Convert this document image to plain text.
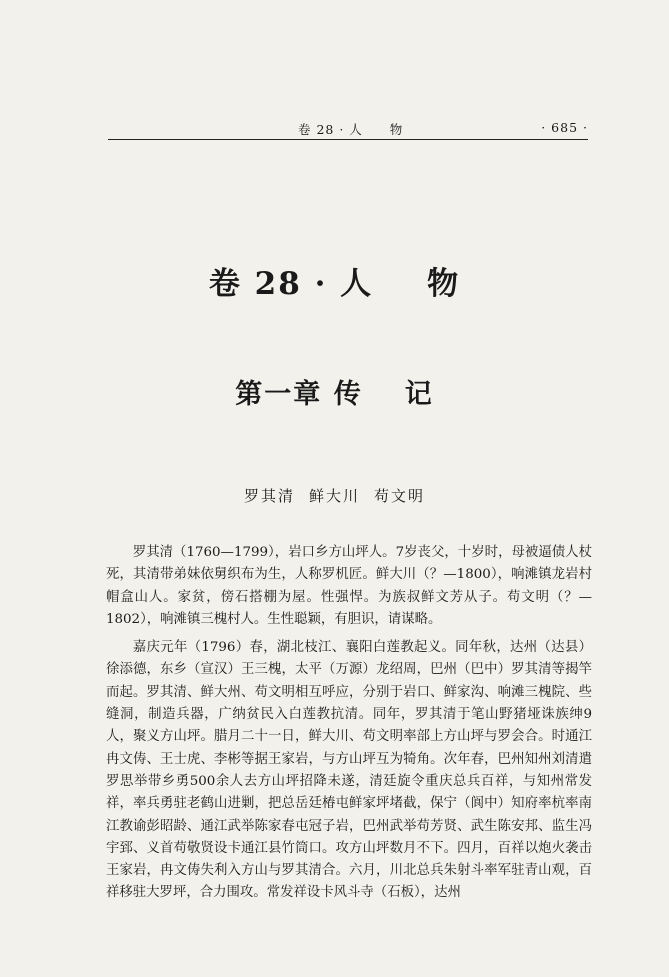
卷 28 · 人　　物	· 685 ·
卷 28 · 人 物
第一章 传 记
罗其清 鲜大川 苟文明

罗其清（1760—1799），岩口乡方山坪人。7岁丧父，十岁时，母被逼债人杖死，其清带弟妹依舅织布为生，人称罗机匠。鲜大川（？—1800），响滩镇龙岩村帽盒山人。家贫，傍石搭棚为屋。性强悍。为族叔鲜文芳从子。苟文明（？—1802），响滩镇三槐村人。生性聪颖，有胆识，请谋略。

嘉庆元年（1796）春，湖北枝江、襄阳白莲教起义。同年秋，达州（达县）徐添德，东乡（宣汉）王三槐，太平（万源）龙绍周，巴州（巴中）罗其清等揭竿而起。罗其清、鲜大州、苟文明相互呼应，分别于岩口、鲜家沟、响滩三槐院、些缝洞，制造兵器，广纳贫民入白莲教抗清。同年，罗其清于笔山野猪垭诛族绅9人，聚义方山坪。腊月二十一日，鲜大川、苟文明率部上方山坪与罗会合。时通江冉文俦、王士虎、李彬等据王家岩，与方山坪互为犄角。次年春，巴州知州刘清遣罗思举带乡勇500余人去方山坪招降未遂，清廷旋令重庆总兵百祥，与知州常发祥，率兵勇驻老鹤山进剿，把总岳廷椿屯鲜家坪堵截，保宁（阆中）知府率杭率南江教谕彭昭龄、通江武举陈家春屯冠子岩，巴州武举苟芳贤、武生陈安邦、监生冯宇郅、义首苟敬贤设卡通江县竹筒口。攻方山坪数月不下。四月，百祥以炮火袭击王家岩，冉文俦失利入方山与罗其清合。六月，川北总兵朱射斗率军驻青山观，百祥移驻大罗坪，合力围攻。常发祥设卡风斗寺（石板），达州
